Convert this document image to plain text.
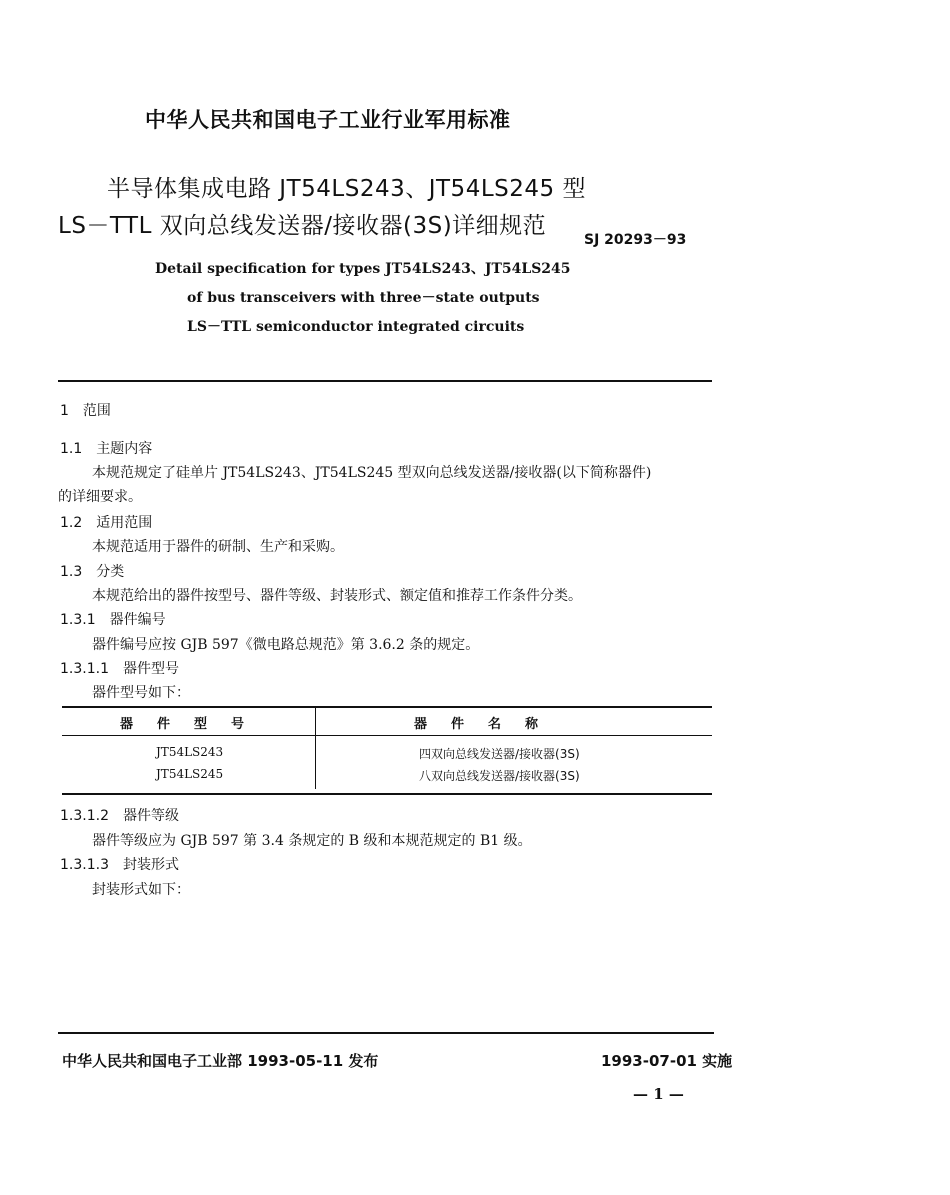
中华人民共和国电子工业行业军用标准
半导体集成电路 JT54LS243、JT54LS245 型
LS－TTL 双向总线发送器/接收器(3S)详细规范
SJ 20293－93
Detail specification for types JT54LS243、JT54LS245
of bus transceivers with three－state outputs
LS－TTL semiconductor integrated circuits
1　范围
1.1　主题内容
本规范规定了硅单片 JT54LS243、JT54LS245 型双向总线发送器/接收器(以下简称器件)
的详细要求。
1.2　适用范围
本规范适用于器件的研制、生产和采购。
1.3　分类
本规范给出的器件按型号、器件等级、封装形式、额定值和推荐工作条件分类。
1.3.1　器件编号
器件编号应按 GJB 597《微电路总规范》第 3.6.2 条的规定。
1.3.1.1　器件型号
器件型号如下：
器件型号	器件名称
JT54LS243	四双向总线发送器/接收器(3S)
JT54LS245	八双向总线发送器/接收器(3S)
1.3.1.2　器件等级
器件等级应为 GJB 597 第 3.4 条规定的 B 级和本规范规定的 B1 级。
1.3.1.3　封装形式
封装形式如下：
中华人民共和国电子工业部 1993-05-11 发布	1993-07-01 实施
— 1 —
